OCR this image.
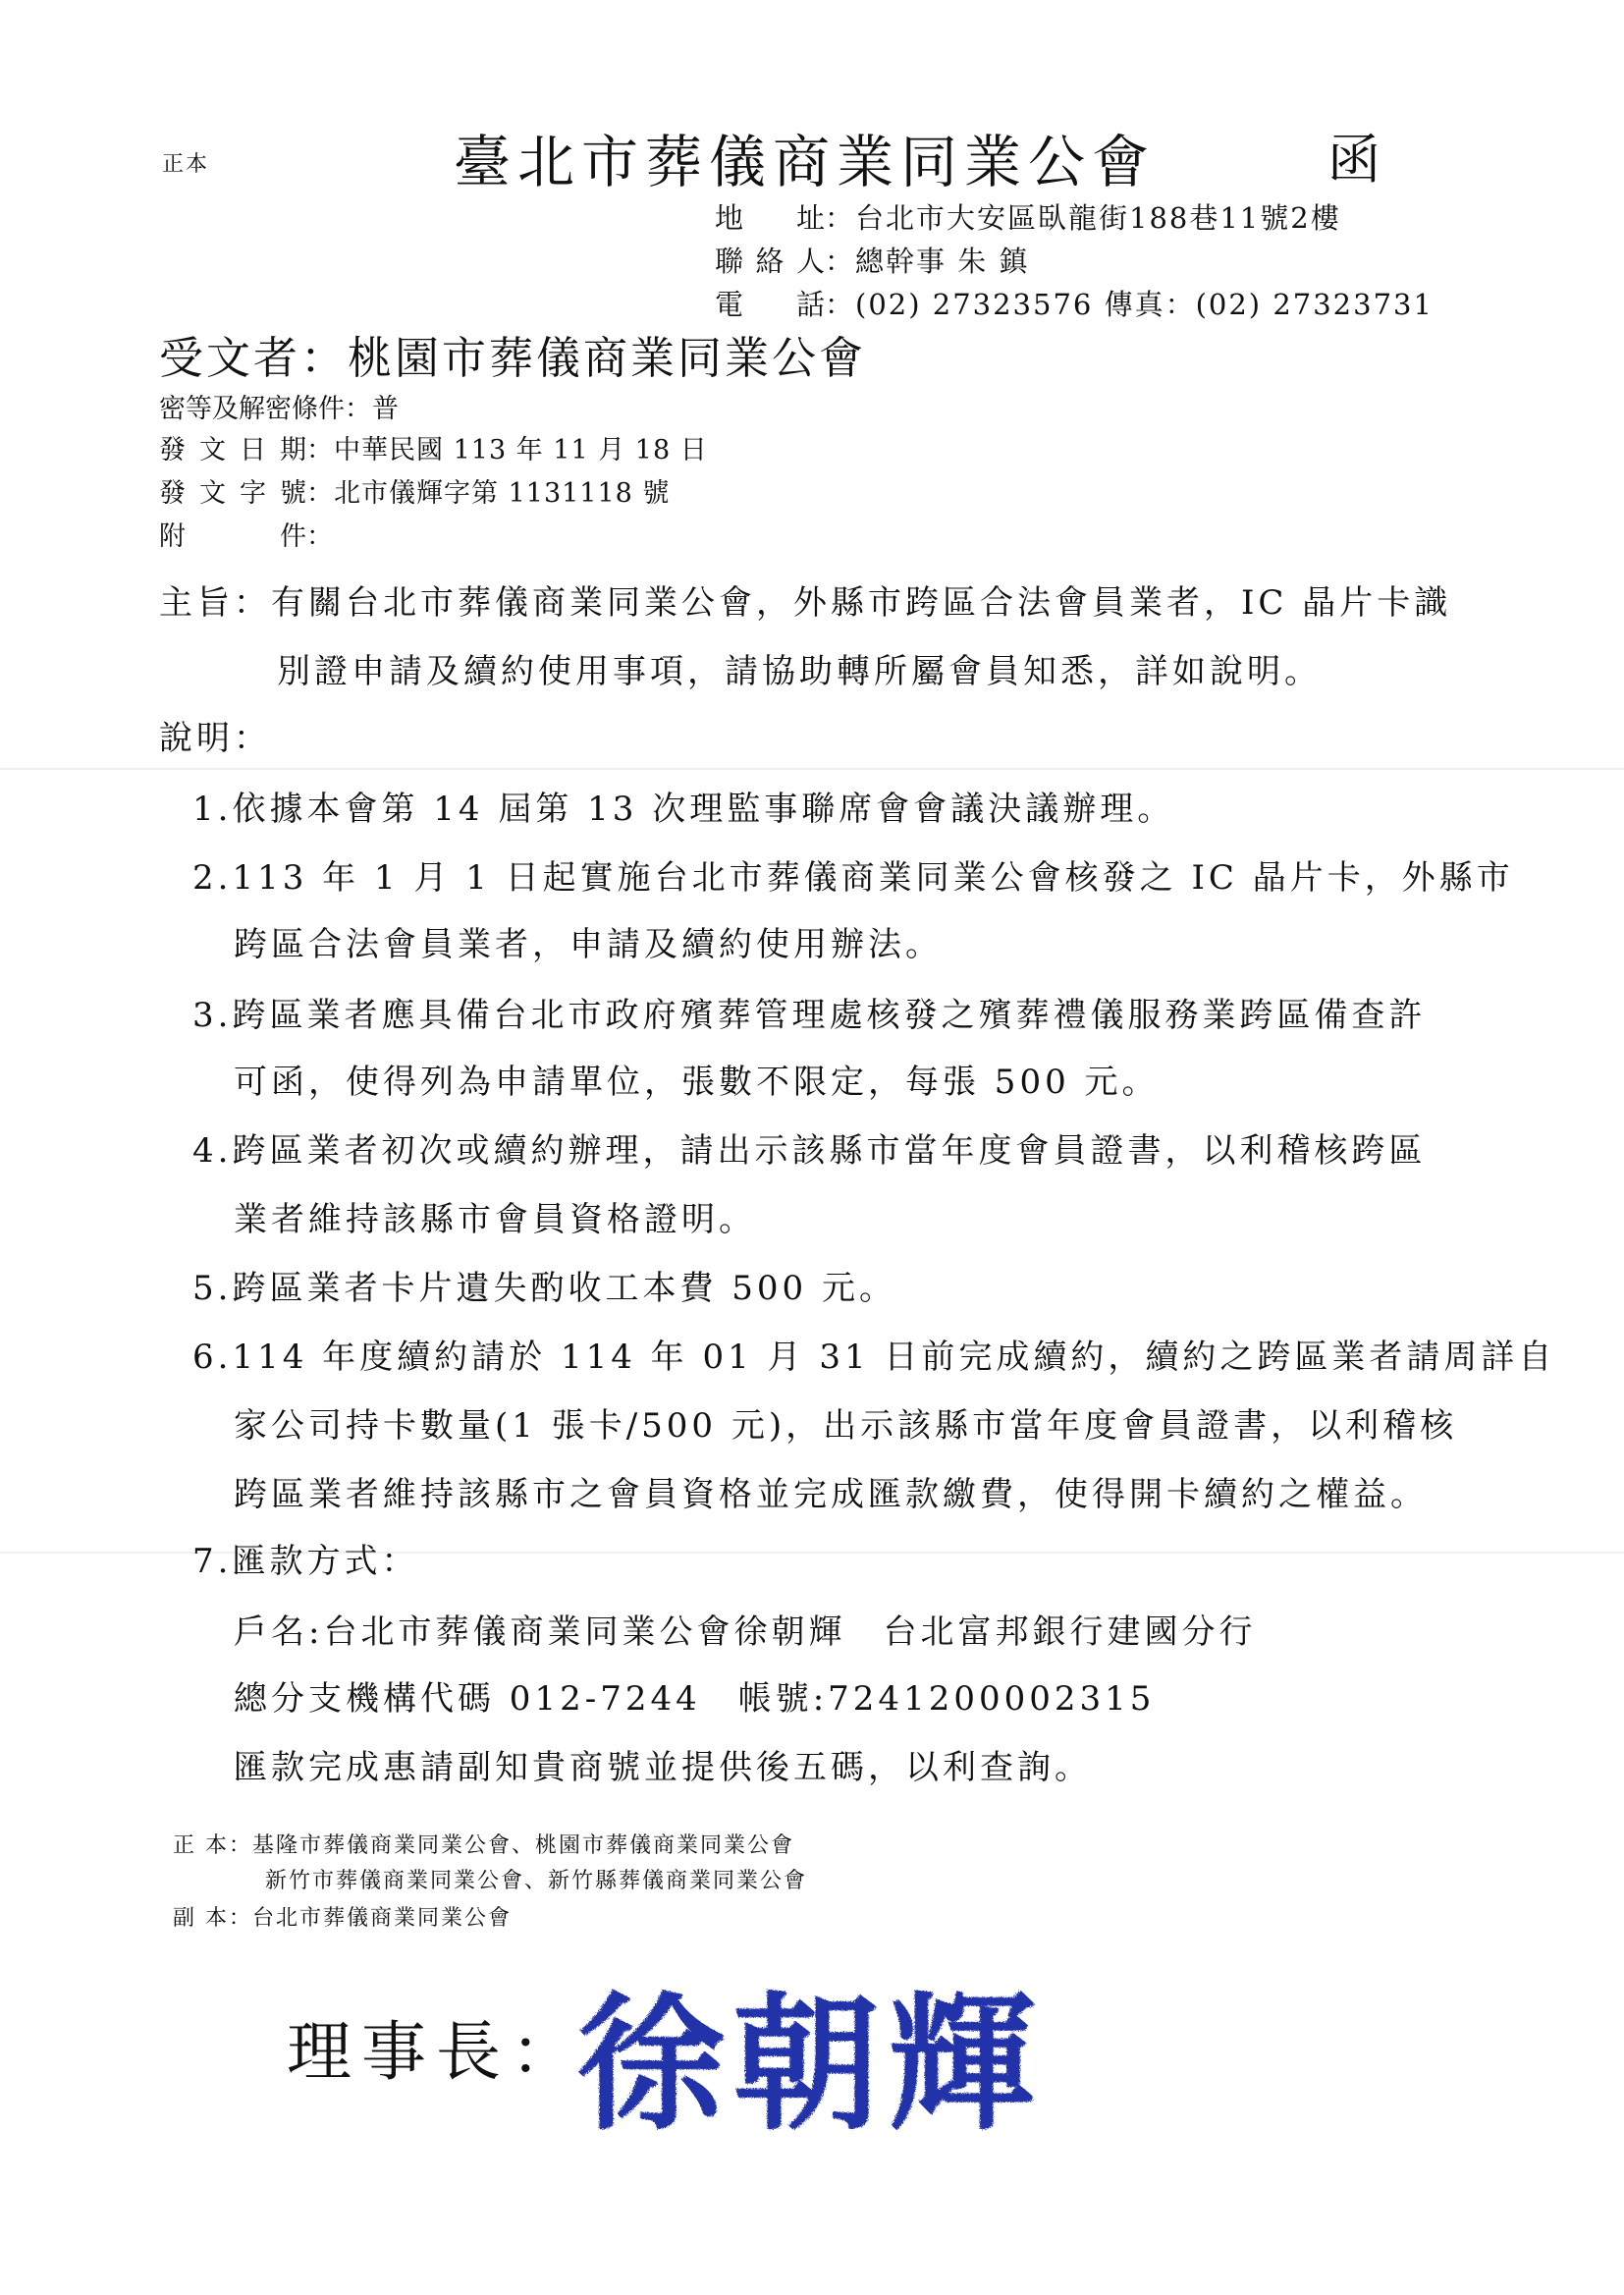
正本	臺北市葬儀商業同業公會	函
地　址：台北市大安區臥龍街188巷11號2樓
聯絡人：總幹事 朱 鎮
電　話：(02) 27323576 傳真：(02) 27323731
受文者：桃園市葬儀商業同業公會
密等及解密條件：普
發文日期：中華民國 113 年 11 月 18 日
發文字號：北市儀輝字第 1131118 號
附件：
主旨：有關台北市葬儀商業同業公會，外縣市跨區合法會員業者，IC 晶片卡識
別證申請及續約使用事項，請協助轉所屬會員知悉，詳如說明。
說明：
1.依據本會第 14 屆第 13 次理監事聯席會會議決議辦理。
2.113 年 1 月 1 日起實施台北市葬儀商業同業公會核發之 IC 晶片卡，外縣市
跨區合法會員業者，申請及續約使用辦法。
3.跨區業者應具備台北市政府殯葬管理處核發之殯葬禮儀服務業跨區備查許
可函，使得列為申請單位，張數不限定，每張 500 元。
4.跨區業者初次或續約辦理，請出示該縣市當年度會員證書，以利稽核跨區
業者維持該縣市會員資格證明。
5.跨區業者卡片遺失酌收工本費 500 元。
6.114 年度續約請於 114 年 01 月 31 日前完成續約，續約之跨區業者請周詳自
家公司持卡數量(1 張卡/500 元)，出示該縣市當年度會員證書，以利稽核
跨區業者維持該縣市之會員資格並完成匯款繳費，使得開卡續約之權益。
7.匯款方式：
戶名:台北市葬儀商業同業公會徐朝輝　台北富邦銀行建國分行
總分支機構代碼 012-7244　帳號:7241200002315
匯款完成惠請副知貴商號並提供後五碼，以利查詢。
正 本：基隆市葬儀商業同業公會、桃園市葬儀商業同業公會
新竹市葬儀商業同業公會、新竹縣葬儀商業同業公會
副 本：台北市葬儀商業同業公會
理事長：
徐朝輝
